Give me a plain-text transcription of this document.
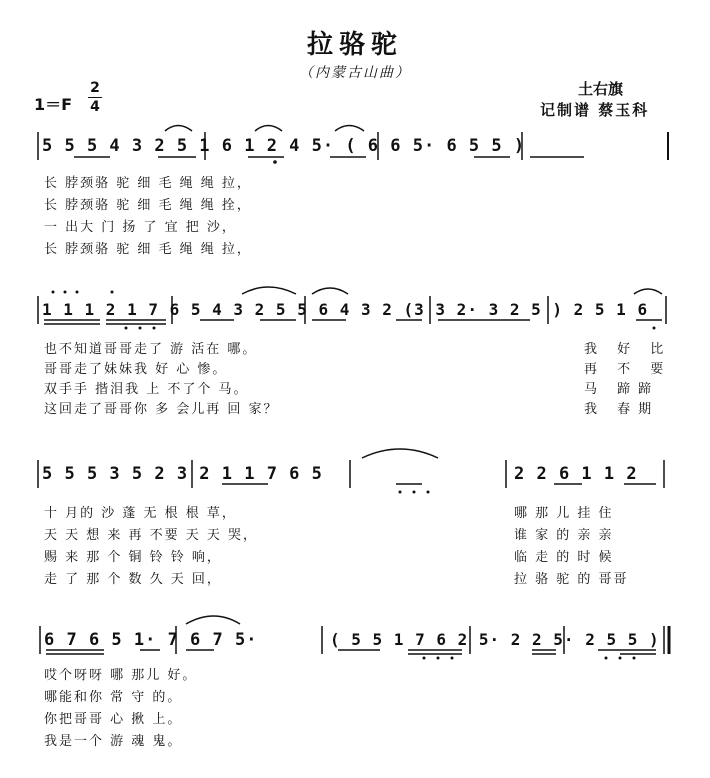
拉骆驼
（内蒙古山曲）
1＝F
2
4
土右旗
记制谱 蔡玉科
5 5 5 4 3 2 5 1 6 1 2 4 5· ( 6 6 5· 6 5 5 )
长 脖颈骆 驼 细 毛 绳 绳 拉，
长 脖颈骆 驼 细 毛 绳 绳 拴，
一 出大 门 扬 了 宜 把 沙，
长 脖颈骆 驼 细 毛 绳 绳 拉，
1 1 1 2 1 7 6 5 4 3 2 5 5 6 4 3 2 (3 3 2· 3 2 5 ) 2 5 1 6
也不知道哥哥走了 游 活在 哪。
哥哥走了妹妹我 好 心 惨。
双手手 揩泪我 上 不了个 马。
这回走了哥哥你 多 会儿再 回 家？
我 好 比
再 不 要
马 蹄蹄
我 春期
5 5 5 3 5 2 3 2 1 1 7 6 5	2 2 6 1 1 2
十 月的 沙 蓬 无 根 根 草，
天 天 想 来 再 不要 天 天 哭，
赐 来 那 个 铜 铃 铃 响，
走 了 那 个 数 久 天 回，
哪 那 儿 挂 住
谁 家 的 亲 亲
临 走 的 时 候
拉 骆 驼 的 哥哥
6 7 6 5 1· 7 6 7 5·	( 5 5 1 7 6 2 5· 2 2 5· 2 5 5 )
哎个呀呀 哪 那儿 好。
哪能和你 常 守 的。
你把哥哥 心 揪 上。
我是一个 游 魂 鬼。
